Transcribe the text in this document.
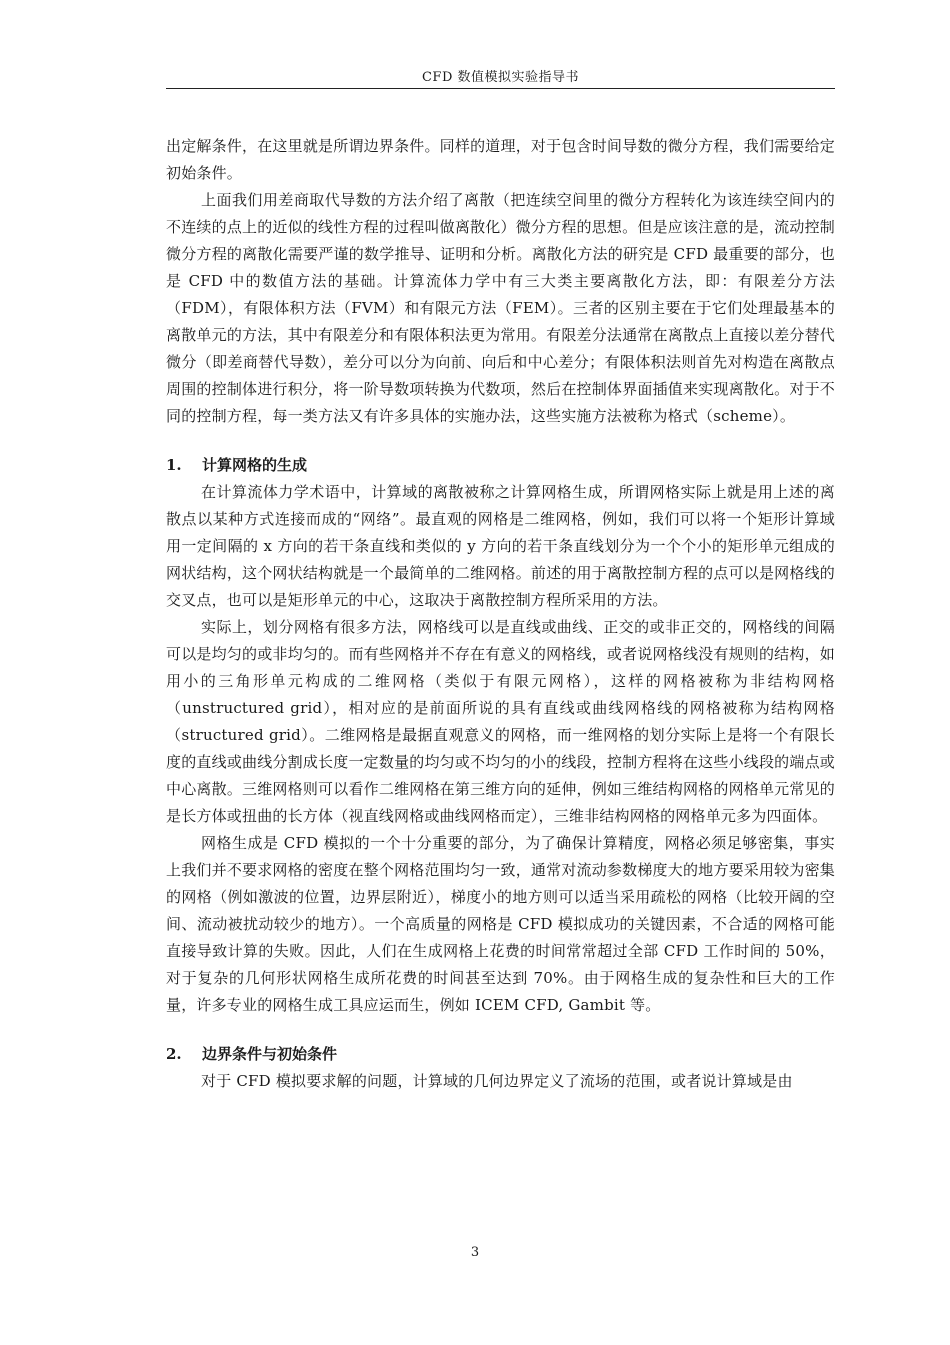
CFD 数值模拟实验指导书

出定解条件，在这里就是所谓边界条件。同样的道理，对于包含时间导数的微分方程，我们需要给定初始条件。

上面我们用差商取代导数的方法介绍了离散（把连续空间里的微分方程转化为该连续空间内的不连续的点上的近似的线性方程的过程叫做离散化）微分方程的思想。但是应该注意的是，流动控制微分方程的离散化需要严谨的数学推导、证明和分析。离散化方法的研究是 CFD 最重要的部分，也是 CFD 中的数值方法的基础。计算流体力学中有三大类主要离散化方法，即：有限差分方法（FDM），有限体积方法（FVM）和有限元方法（FEM）。三者的区别主要在于它们处理最基本的离散单元的方法，其中有限差分和有限体积法更为常用。有限差分法通常在离散点上直接以差分替代微分（即差商替代导数），差分可以分为向前、向后和中心差分；有限体积法则首先对构造在离散点周围的控制体进行积分，将一阶导数项转换为代数项，然后在控制体界面插值来实现离散化。对于不同的控制方程，每一类方法又有许多具体的实施办法，这些实施方法被称为格式（scheme）。

1. 计算网格的生成

在计算流体力学术语中，计算域的离散被称之计算网格生成，所谓网格实际上就是用上述的离散点以某种方式连接而成的“网络”。最直观的网格是二维网格，例如，我们可以将一个矩形计算域用一定间隔的 x 方向的若干条直线和类似的 y 方向的若干条直线划分为一个个小的矩形单元组成的网状结构，这个网状结构就是一个最简单的二维网格。前述的用于离散控制方程的点可以是网格线的交叉点，也可以是矩形单元的中心，这取决于离散控制方程所采用的方法。

实际上，划分网格有很多方法，网格线可以是直线或曲线、正交的或非正交的，网格线的间隔可以是均匀的或非均匀的。而有些网格并不存在有意义的网格线，或者说网格线没有规则的结构，如用小的三角形单元构成的二维网格（类似于有限元网格），这样的网格被称为非结构网格（unstructured grid），相对应的是前面所说的具有直线或曲线网格线的网格被称为结构网格（structured grid）。二维网格是最据直观意义的网格，而一维网格的划分实际上是将一个有限长度的直线或曲线分割成长度一定数量的均匀或不均匀的小的线段，控制方程将在这些小线段的端点或中心离散。三维网格则可以看作二维网格在第三维方向的延伸，例如三维结构网格的网格单元常见的是长方体或扭曲的长方体（视直线网格或曲线网格而定），三维非结构网格的网格单元多为四面体。

网格生成是 CFD 模拟的一个十分重要的部分，为了确保计算精度，网格必须足够密集，事实上我们并不要求网格的密度在整个网格范围均匀一致，通常对流动参数梯度大的地方要采用较为密集的网格（例如激波的位置，边界层附近），梯度小的地方则可以适当采用疏松的网格（比较开阔的空间、流动被扰动较少的地方）。一个高质量的网格是 CFD 模拟成功的关键因素，不合适的网格可能直接导致计算的失败。因此，人们在生成网格上花费的时间常常超过全部 CFD 工作时间的 50%，对于复杂的几何形状网格生成所花费的时间甚至达到 70%。由于网格生成的复杂性和巨大的工作量，许多专业的网格生成工具应运而生，例如 ICEM CFD, Gambit 等。

2. 边界条件与初始条件

对于 CFD 模拟要求解的问题，计算域的几何边界定义了流场的范围，或者说计算域是由

3
